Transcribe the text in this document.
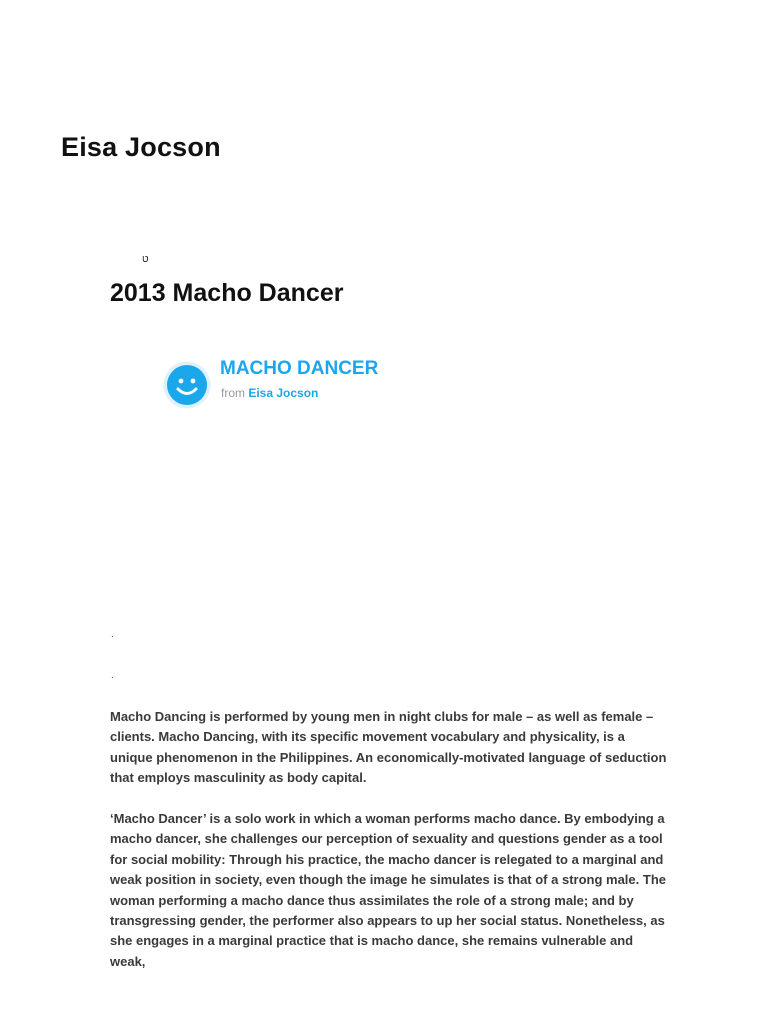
Eisa Jocson
ט
2013 Macho Dancer
MACHO DANCER
from Eisa Jocson
.
.

Macho Dancing is performed by young men in night clubs for male – as well as female – clients. Macho Dancing, with its specific movement vocabulary and physicality, is a unique phenomenon in the Philippines. An economically-motivated language of seduction that employs masculinity as body capital.

‘Macho Dancer’ is a solo work in which a woman performs macho dance. By embodying a macho dancer, she challenges our perception of sexuality and questions gender as a tool for social mobility: Through his practice, the macho dancer is relegated to a marginal and weak position in society, even though the image he simulates is that of a strong male. The woman performing a macho dance thus assimilates the role of a strong male; and by transgressing gender, the performer also appears to up her social status. Nonetheless, as she engages in a marginal practice that is macho dance, she remains vulnerable and weak,
